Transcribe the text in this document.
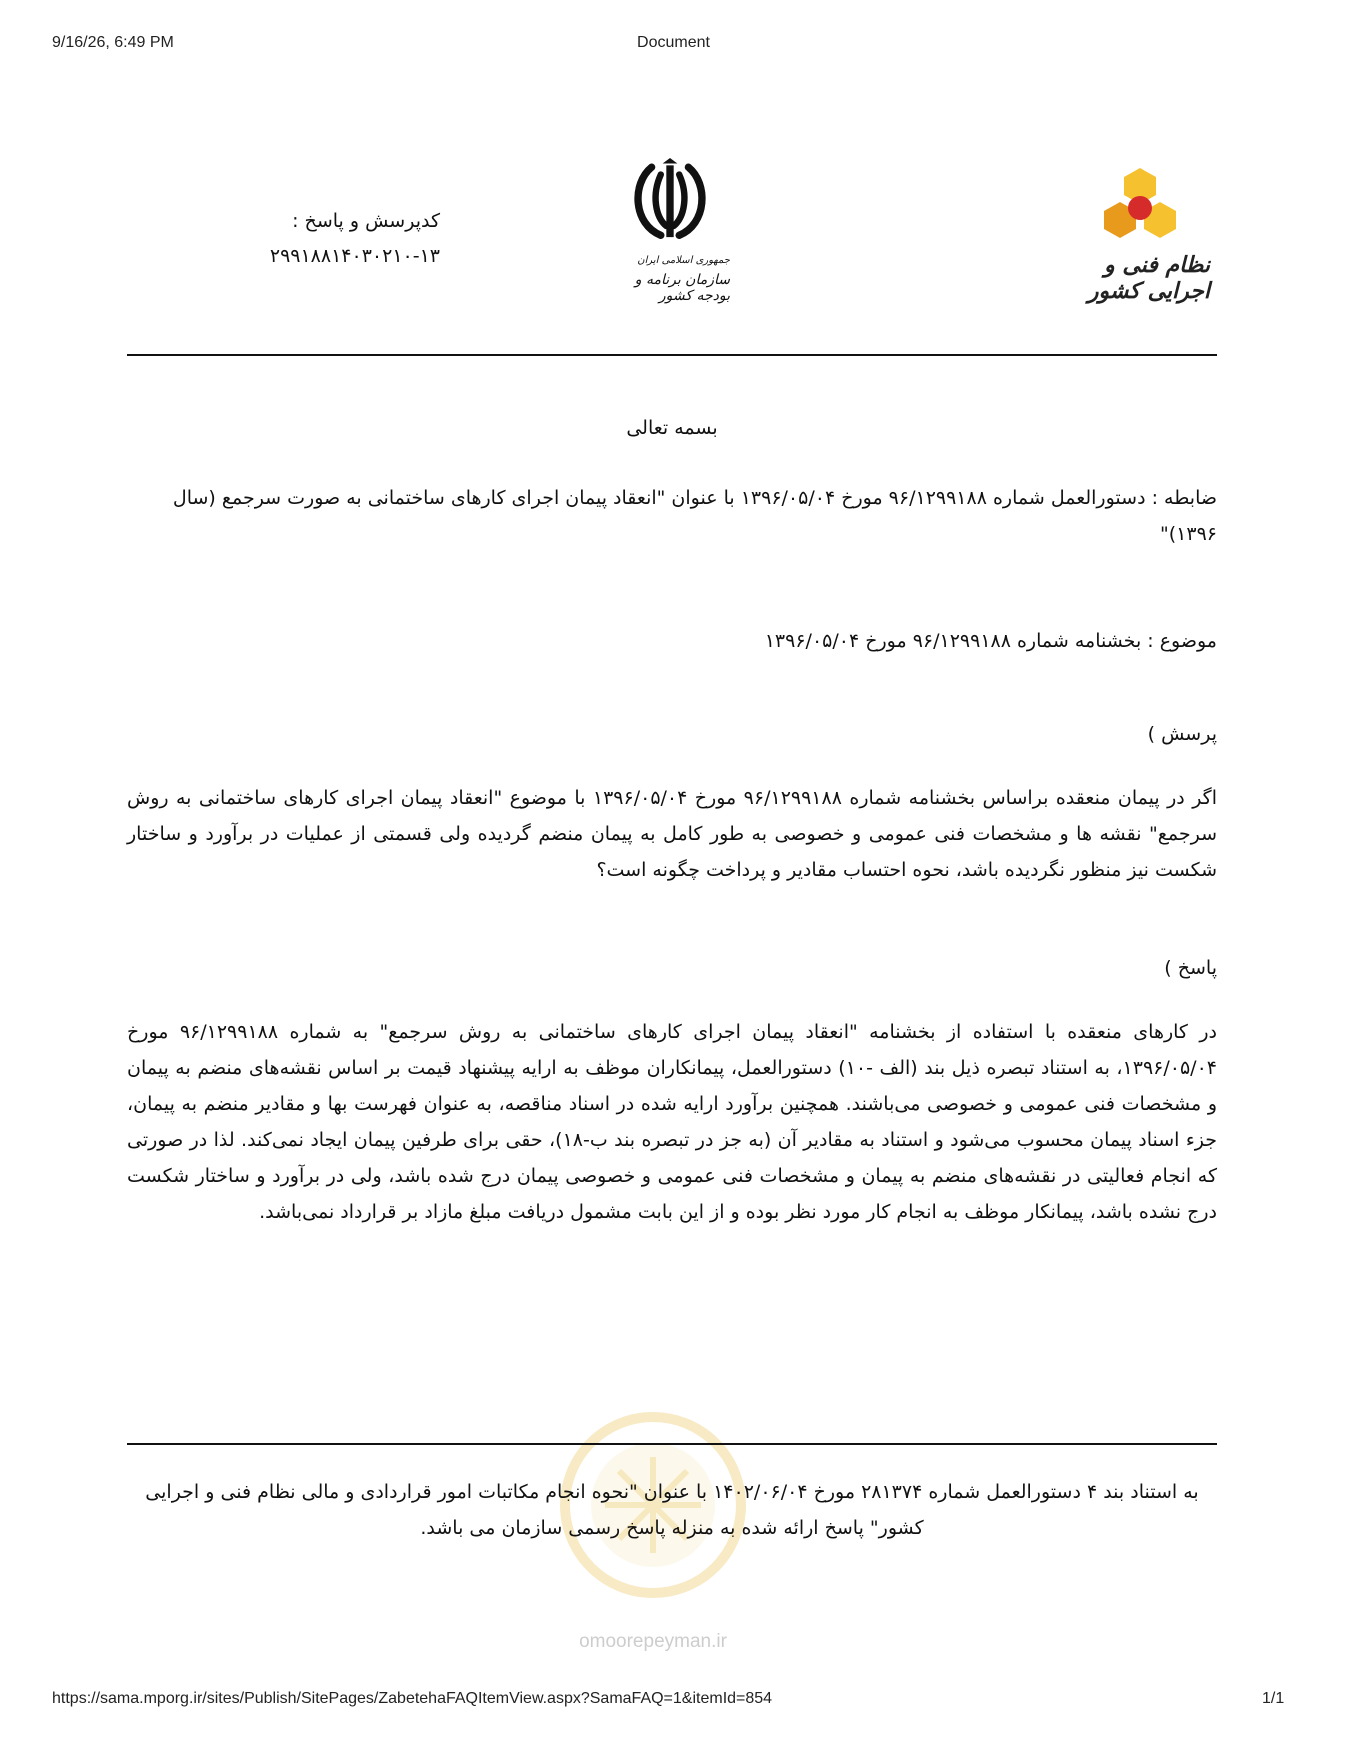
9/16/26, 6:49 PM	Document
کدپرسش و پاسخ :
۲۹۹۱۸۸۱۴۰۳۰۲۱۰-۱۳	جمهوری اسلامی ایران
سازمان برنامه و بودجه کشور
نظام فنی و اجرایی کشور
بسمه تعالی
ضابطه : دستورالعمل شماره ۹۶/۱۲۹۹۱۸۸ مورخ ۱۳۹۶/۰۵/۰۴ با عنوان "انعقاد پیمان اجرای کارهای ساختمانی به صورت سرجمع (سال ۱۳۹۶)"
موضوع : بخشنامه شماره ۹۶/۱۲۹۹۱۸۸ مورخ ۱۳۹۶/۰۵/۰۴
پرسش )
اگر در پیمان منعقده براساس بخشنامه شماره ۹۶/۱۲۹۹۱۸۸ مورخ ۱۳۹۶/۰۵/۰۴ با موضوع "انعقاد پیمان اجرای کارهای ساختمانی به روش سرجمع" نقشه ها و مشخصات فنی عمومی و خصوصی به طور کامل به پیمان منضم گردیده ولی قسمتی از عملیات در برآورد و ساختار شکست نیز منظور نگردیده باشد، نحوه احتساب مقادیر و پرداخت چگونه است؟
پاسخ )
در کارهای منعقده با استفاده از بخشنامه "انعقاد پیمان اجرای کارهای ساختمانی به روش سرجمع" به شماره ۹۶/۱۲۹۹۱۸۸ مورخ ۱۳۹۶/۰۵/۰۴، به استناد تبصره ذیل بند (الف -۱۰) دستورالعمل، پیمانکاران موظف به ارایه پیشنهاد قیمت بر اساس نقشه‌های منضم به پیمان و مشخصات فنی عمومی و خصوصی می‌باشند. همچنین برآورد ارایه شده در اسناد مناقصه، به عنوان فهرست بها و مقادیر منضم به پیمان، جزء اسناد پیمان محسوب می‌شود و استناد به مقادیر آن (به جز در تبصره بند ب-۱۸)، حقی برای طرفین پیمان ایجاد نمی‌کند. لذا در صورتی که انجام فعالیتی در نقشه‌های منضم به پیمان و مشخصات فنی عمومی و خصوصی پیمان درج شده باشد، ولی در برآورد و ساختار شکست درج نشده باشد، پیمانکار موظف به انجام کار مورد نظر بوده و از این بابت مشمول دریافت مبلغ مازاد بر قرارداد نمی‌باشد.
omoorepeyman.ir
به استناد بند ۴ دستورالعمل شماره ۲۸۱۳۷۴ مورخ ۱۴۰۲/۰۶/۰۴ با عنوان "نحوه انجام مکاتبات امور قراردادی و مالی نظام فنی و اجرایی کشور" پاسخ ارائه شده به منزله پاسخ رسمی سازمان می باشد.
https://sama.mporg.ir/sites/Publish/SitePages/ZabetehaFAQItemView.aspx?SamaFAQ=1&itemId=854	1/1
